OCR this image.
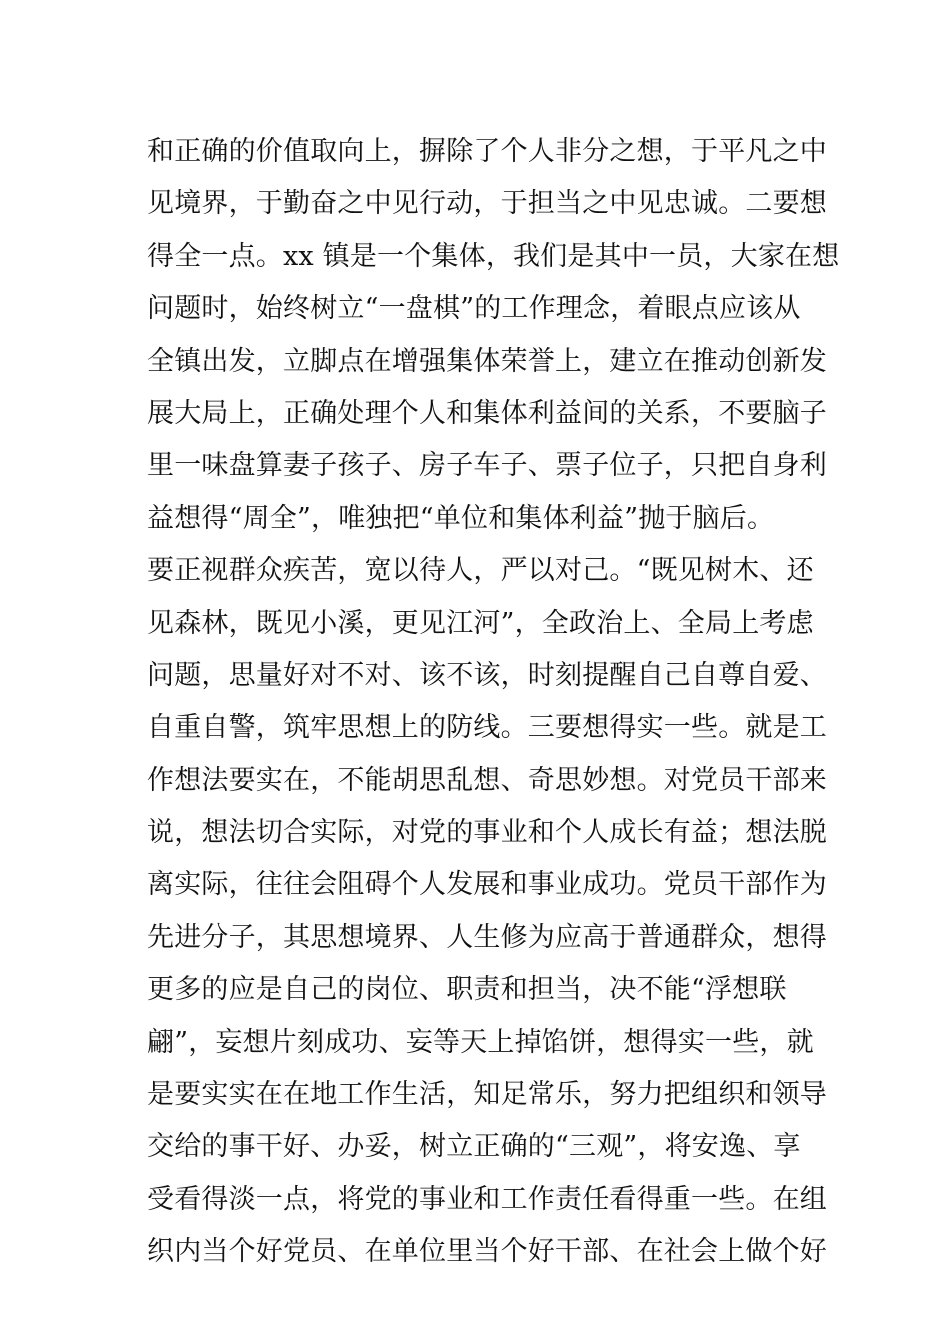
和正确的价值取向上，摒除了个人非分之想，于平凡之中
见境界，于勤奋之中见行动，于担当之中见忠诚。二要想
得全一点。xx 镇是一个集体，我们是其中一员，大家在想
问题时，始终树立“一盘棋”的工作理念，着眼点应该从
全镇出发，立脚点在增强集体荣誉上，建立在推动创新发
展大局上，正确处理个人和集体利益间的关系，不要脑子
里一味盘算妻子孩子、房子车子、票子位子，只把自身利
益想得“周全”，唯独把“单位和集体利益”抛于脑后。
要正视群众疾苦，宽以待人，严以对己。“既见树木、还
见森林，既见小溪，更见江河”，全政治上、全局上考虑
问题，思量好对不对、该不该，时刻提醒自己自尊自爱、
自重自警，筑牢思想上的防线。三要想得实一些。就是工
作想法要实在，不能胡思乱想、奇思妙想。对党员干部来
说，想法切合实际，对党的事业和个人成长有益；想法脱
离实际，往往会阻碍个人发展和事业成功。党员干部作为
先进分子，其思想境界、人生修为应高于普通群众，想得
更多的应是自己的岗位、职责和担当，决不能“浮想联
翩”，妄想片刻成功、妄等天上掉馅饼，想得实一些，就
是要实实在在地工作生活，知足常乐，努力把组织和领导
交给的事干好、办妥，树立正确的“三观”，将安逸、享
受看得淡一点，将党的事业和工作责任看得重一些。在组
织内当个好党员、在单位里当个好干部、在社会上做个好
